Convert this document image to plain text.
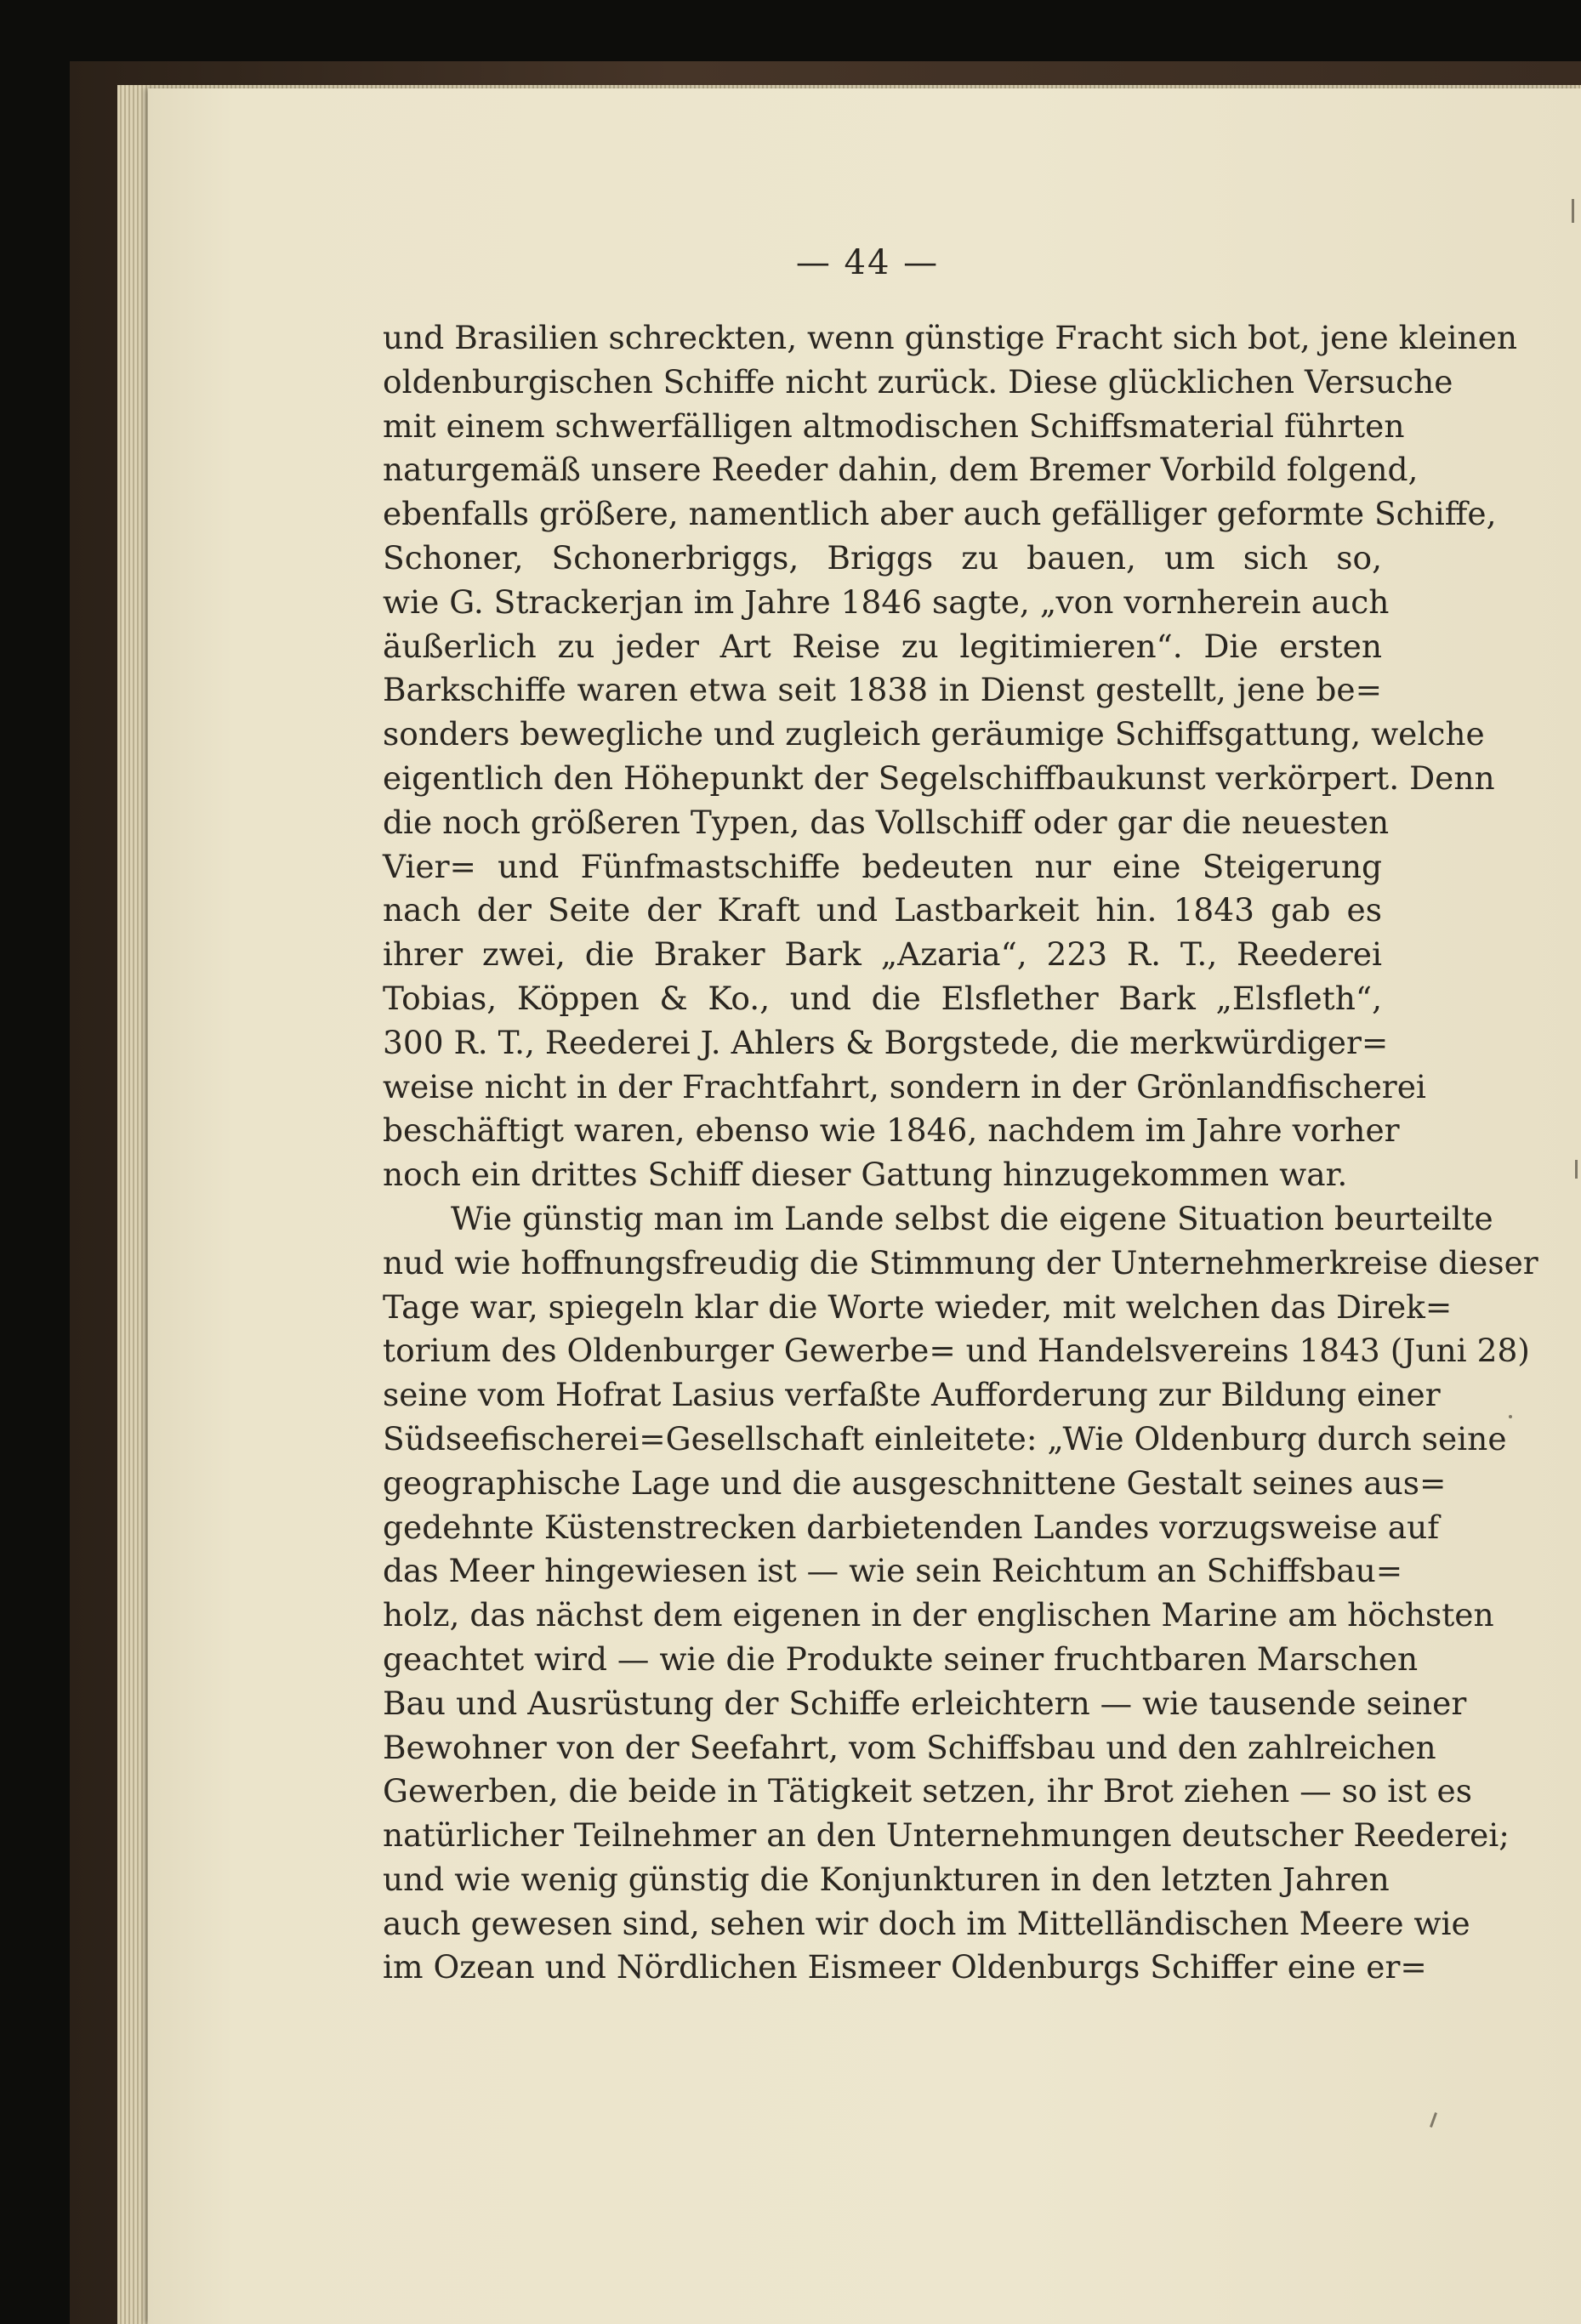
— 44 —
und Brasilien schreckten, wenn günstige Fracht sich bot, jene kleinen
oldenburgischen Schiffe nicht zurück. Diese glücklichen Versuche
mit einem schwerfälligen altmodischen Schiffsmaterial führten
naturgemäß unsere Reeder dahin, dem Bremer Vorbild folgend,
ebenfalls größere, namentlich aber auch gefälliger geformte Schiffe,
Schoner, Schonerbriggs, Briggs zu bauen, um sich so,
wie G. Strackerjan im Jahre 1846 sagte, „von vornherein auch
äußerlich zu jeder Art Reise zu legitimieren“. Die ersten
Barkschiffe waren etwa seit 1838 in Dienst gestellt, jene be=
sonders bewegliche und zugleich geräumige Schiffsgattung, welche
eigentlich den Höhepunkt der Segelschiffbaukunst verkörpert. Denn
die noch größeren Typen, das Vollschiff oder gar die neuesten
Vier= und Fünfmastschiffe bedeuten nur eine Steigerung
nach der Seite der Kraft und Lastbarkeit hin. 1843 gab es
ihrer zwei, die Braker Bark „Azaria“, 223 R. T., Reederei
Tobias, Köppen & Ko., und die Elsflether Bark „Elsfleth“,
300 R. T., Reederei J. Ahlers & Borgstede, die merkwürdiger=
weise nicht in der Frachtfahrt, sondern in der Grönlandfischerei
beschäftigt waren, ebenso wie 1846, nachdem im Jahre vorher
noch ein drittes Schiff dieser Gattung hinzugekommen war.
Wie günstig man im Lande selbst die eigene Situation beurteilte
nud wie hoffnungsfreudig die Stimmung der Unternehmerkreise dieser
Tage war, spiegeln klar die Worte wieder, mit welchen das Direk=
torium des Oldenburger Gewerbe= und Handelsvereins 1843 (Juni 28)
seine vom Hofrat Lasius verfaßte Aufforderung zur Bildung einer
Südseefischerei=Gesellschaft einleitete: „Wie Oldenburg durch seine
geographische Lage und die ausgeschnittene Gestalt seines aus=
gedehnte Küstenstrecken darbietenden Landes vorzugsweise auf
das Meer hingewiesen ist — wie sein Reichtum an Schiffsbau=
holz, das nächst dem eigenen in der englischen Marine am höchsten
geachtet wird — wie die Produkte seiner fruchtbaren Marschen
Bau und Ausrüstung der Schiffe erleichtern — wie tausende seiner
Bewohner von der Seefahrt, vom Schiffsbau und den zahlreichen
Gewerben, die beide in Tätigkeit setzen, ihr Brot ziehen — so ist es
natürlicher Teilnehmer an den Unternehmungen deutscher Reederei;
und wie wenig günstig die Konjunkturen in den letzten Jahren
auch gewesen sind, sehen wir doch im Mittelländischen Meere wie
im Ozean und Nördlichen Eismeer Oldenburgs Schiffer eine er=
